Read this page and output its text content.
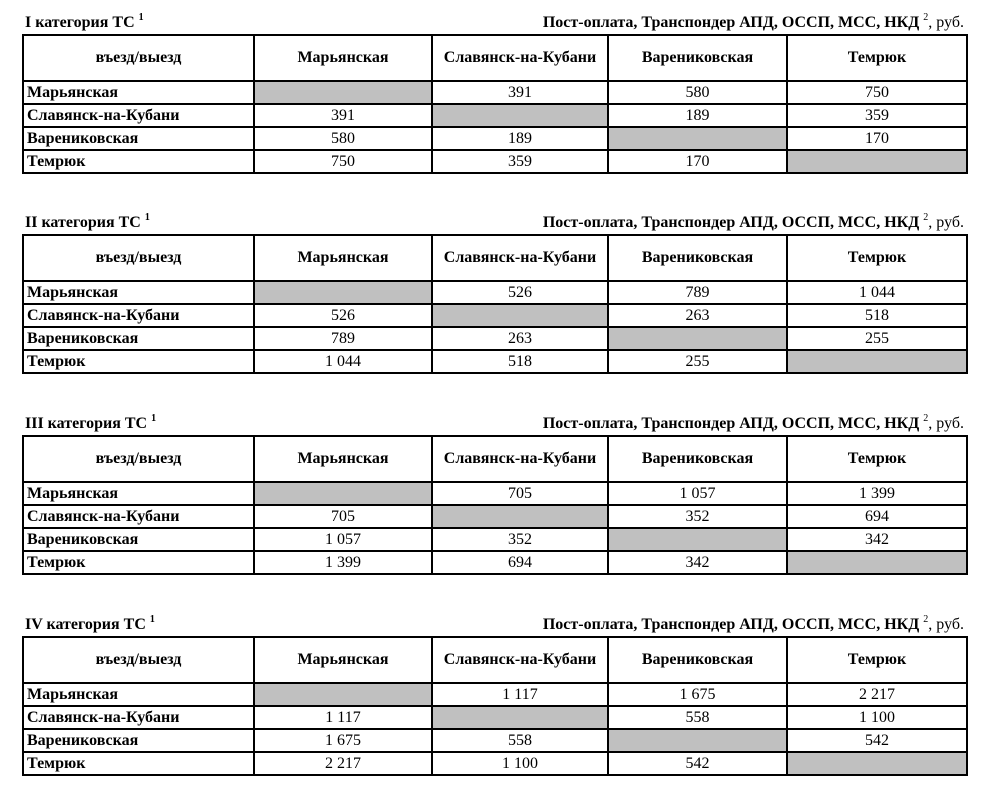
I категория ТС $^1$	Пост-оплата, Транспондер АПД, ОССП, МСС, НКД $^2$, руб.
въезд/выезд	Марьянская	Славянск-на-Кубани	Варениковская	Темрюк
Марьянская		391	580	750
Славянск-на-Кубани	391		189	359
Варениковская	580	189		170
Темрюк	750	359	170	
II категория ТС $^1$	Пост-оплата, Транспондер АПД, ОССП, МСС, НКД $^2$, руб.
въезд/выезд	Марьянская	Славянск-на-Кубани	Варениковская	Темрюк
Марьянская		526	789	1 044
Славянск-на-Кубани	526		263	518
Варениковская	789	263		255
Темрюк	1 044	518	255	
III категория ТС $^1$	Пост-оплата, Транспондер АПД, ОССП, МСС, НКД $^2$, руб.
въезд/выезд	Марьянская	Славянск-на-Кубани	Варениковская	Темрюк
Марьянская		705	1 057	1 399
Славянск-на-Кубани	705		352	694
Варениковская	1 057	352		342
Темрюк	1 399	694	342	
IV категория ТС $^1$	Пост-оплата, Транспондер АПД, ОССП, МСС, НКД $^2$, руб.
въезд/выезд	Марьянская	Славянск-на-Кубани	Варениковская	Темрюк
Марьянская		1 117	1 675	2 217
Славянск-на-Кубани	1 117		558	1 100
Варениковская	1 675	558		542
Темрюк	2 217	1 100	542	
